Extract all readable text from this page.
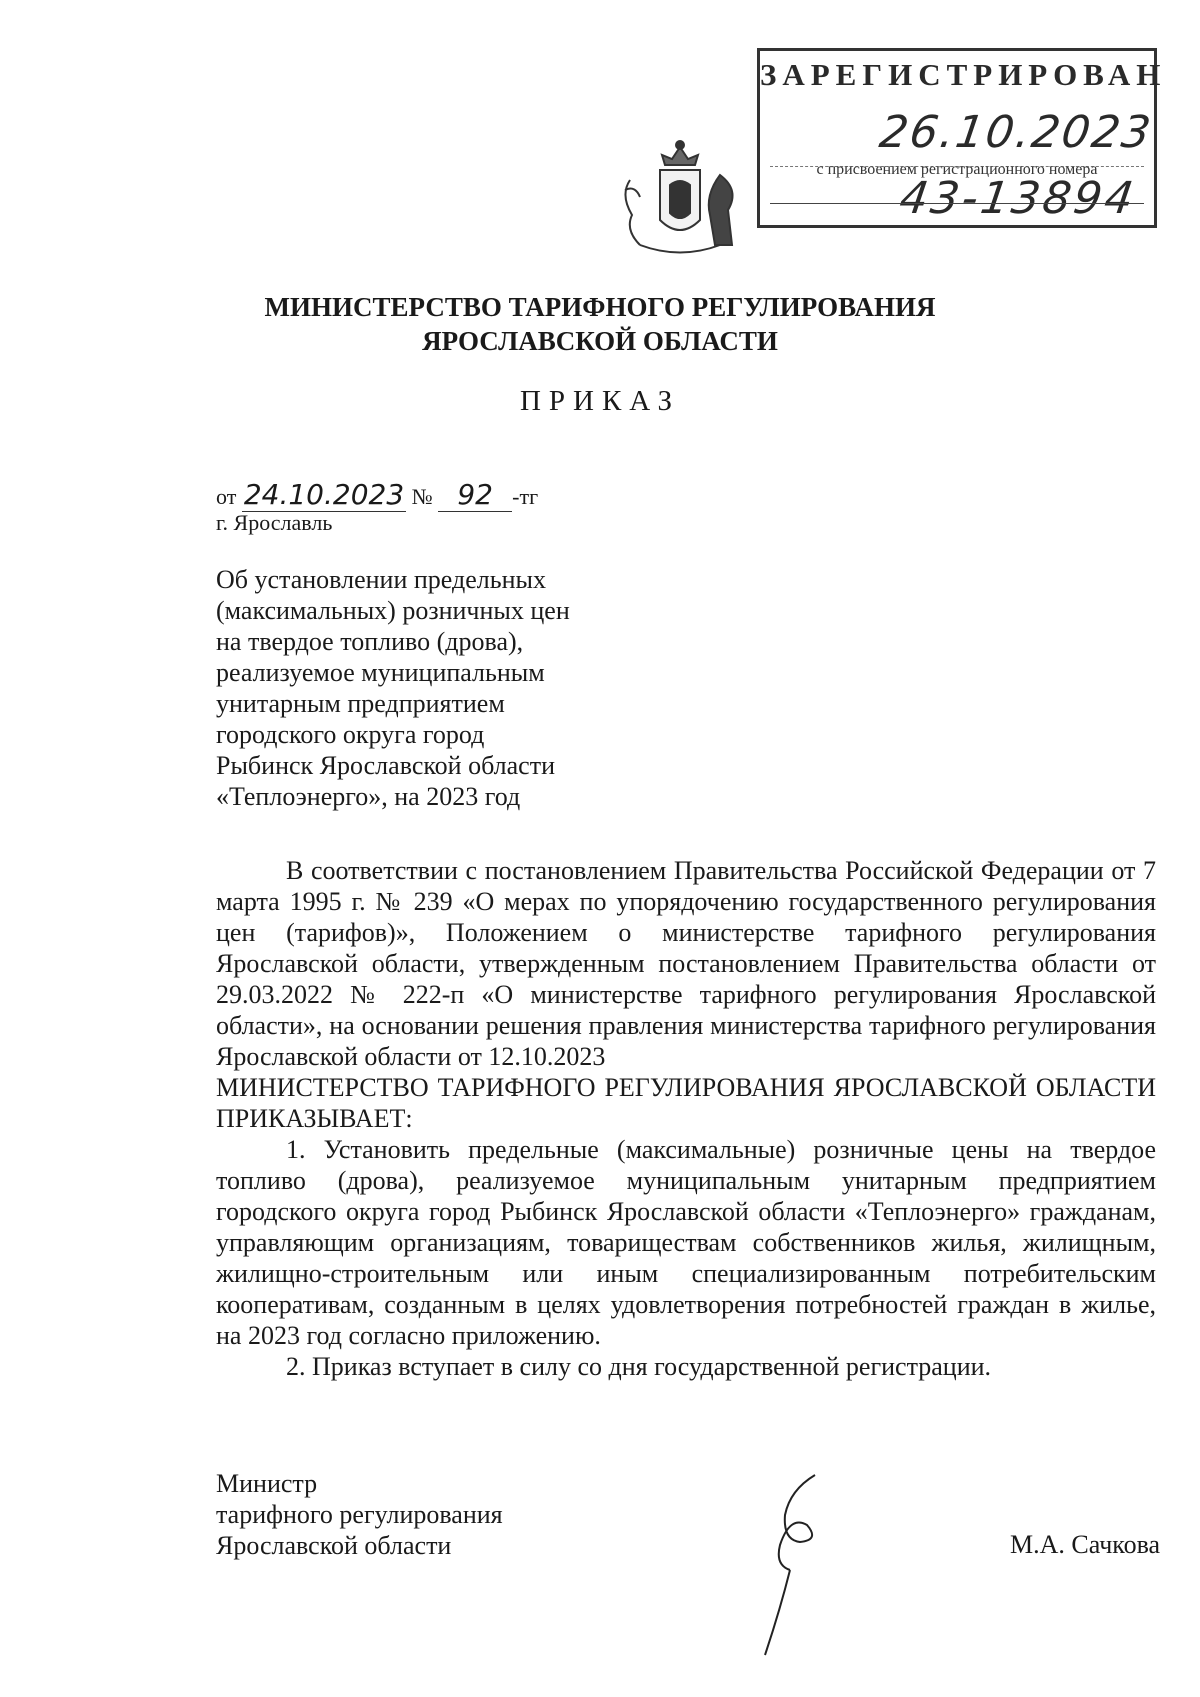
ЗАРЕГИСТРИРОВАН
26.10.2023
с присвоением регистрационного номера
43-13894
МИНИСТЕРСТВО ТАРИФНОГО РЕГУЛИРОВАНИЯ
ЯРОСЛАВСКОЙ ОБЛАСТИ
ПРИКАЗ
от 24.10.2023 № 92 -тг
г. Ярославль
Об установлении предельных
(максимальных) розничных цен
на твердое топливо (дрова),
реализуемое муниципальным
унитарным предприятием
городского округа город
Рыбинск Ярославской области
«Теплоэнерго», на 2023 год

В соответствии с постановлением Правительства Российской Федерации от 7 марта 1995 г. № 239 «О мерах по упорядочению государственного регулирования цен (тарифов)», Положением о министерстве тарифного регулирования Ярославской области, утвержденным постановлением Правительства области от 29.03.2022 № 222-п «О министерстве тарифного регулирования Ярославской области», на основании решения правления министерства тарифного регулирования Ярославской области от 12.10.2023

МИНИСТЕРСТВО ТАРИФНОГО РЕГУЛИРОВАНИЯ ЯРОСЛАВСКОЙ ОБЛАСТИ ПРИКАЗЫВАЕТ:

1. Установить предельные (максимальные) розничные цены на твердое топливо (дрова), реализуемое муниципальным унитарным предприятием городского округа город Рыбинск Ярославской области «Теплоэнерго» гражданам, управляющим организациям, товариществам собственников жилья, жилищным, жилищно-строительным или иным специализированным потребительским кооперативам, созданным в целях удовлетворения потребностей граждан в жилье, на 2023 год согласно приложению.

2. Приказ вступает в силу со дня государственной регистрации.

Министр
тарифного регулирования
Ярославской области	М.А. Сачкова
